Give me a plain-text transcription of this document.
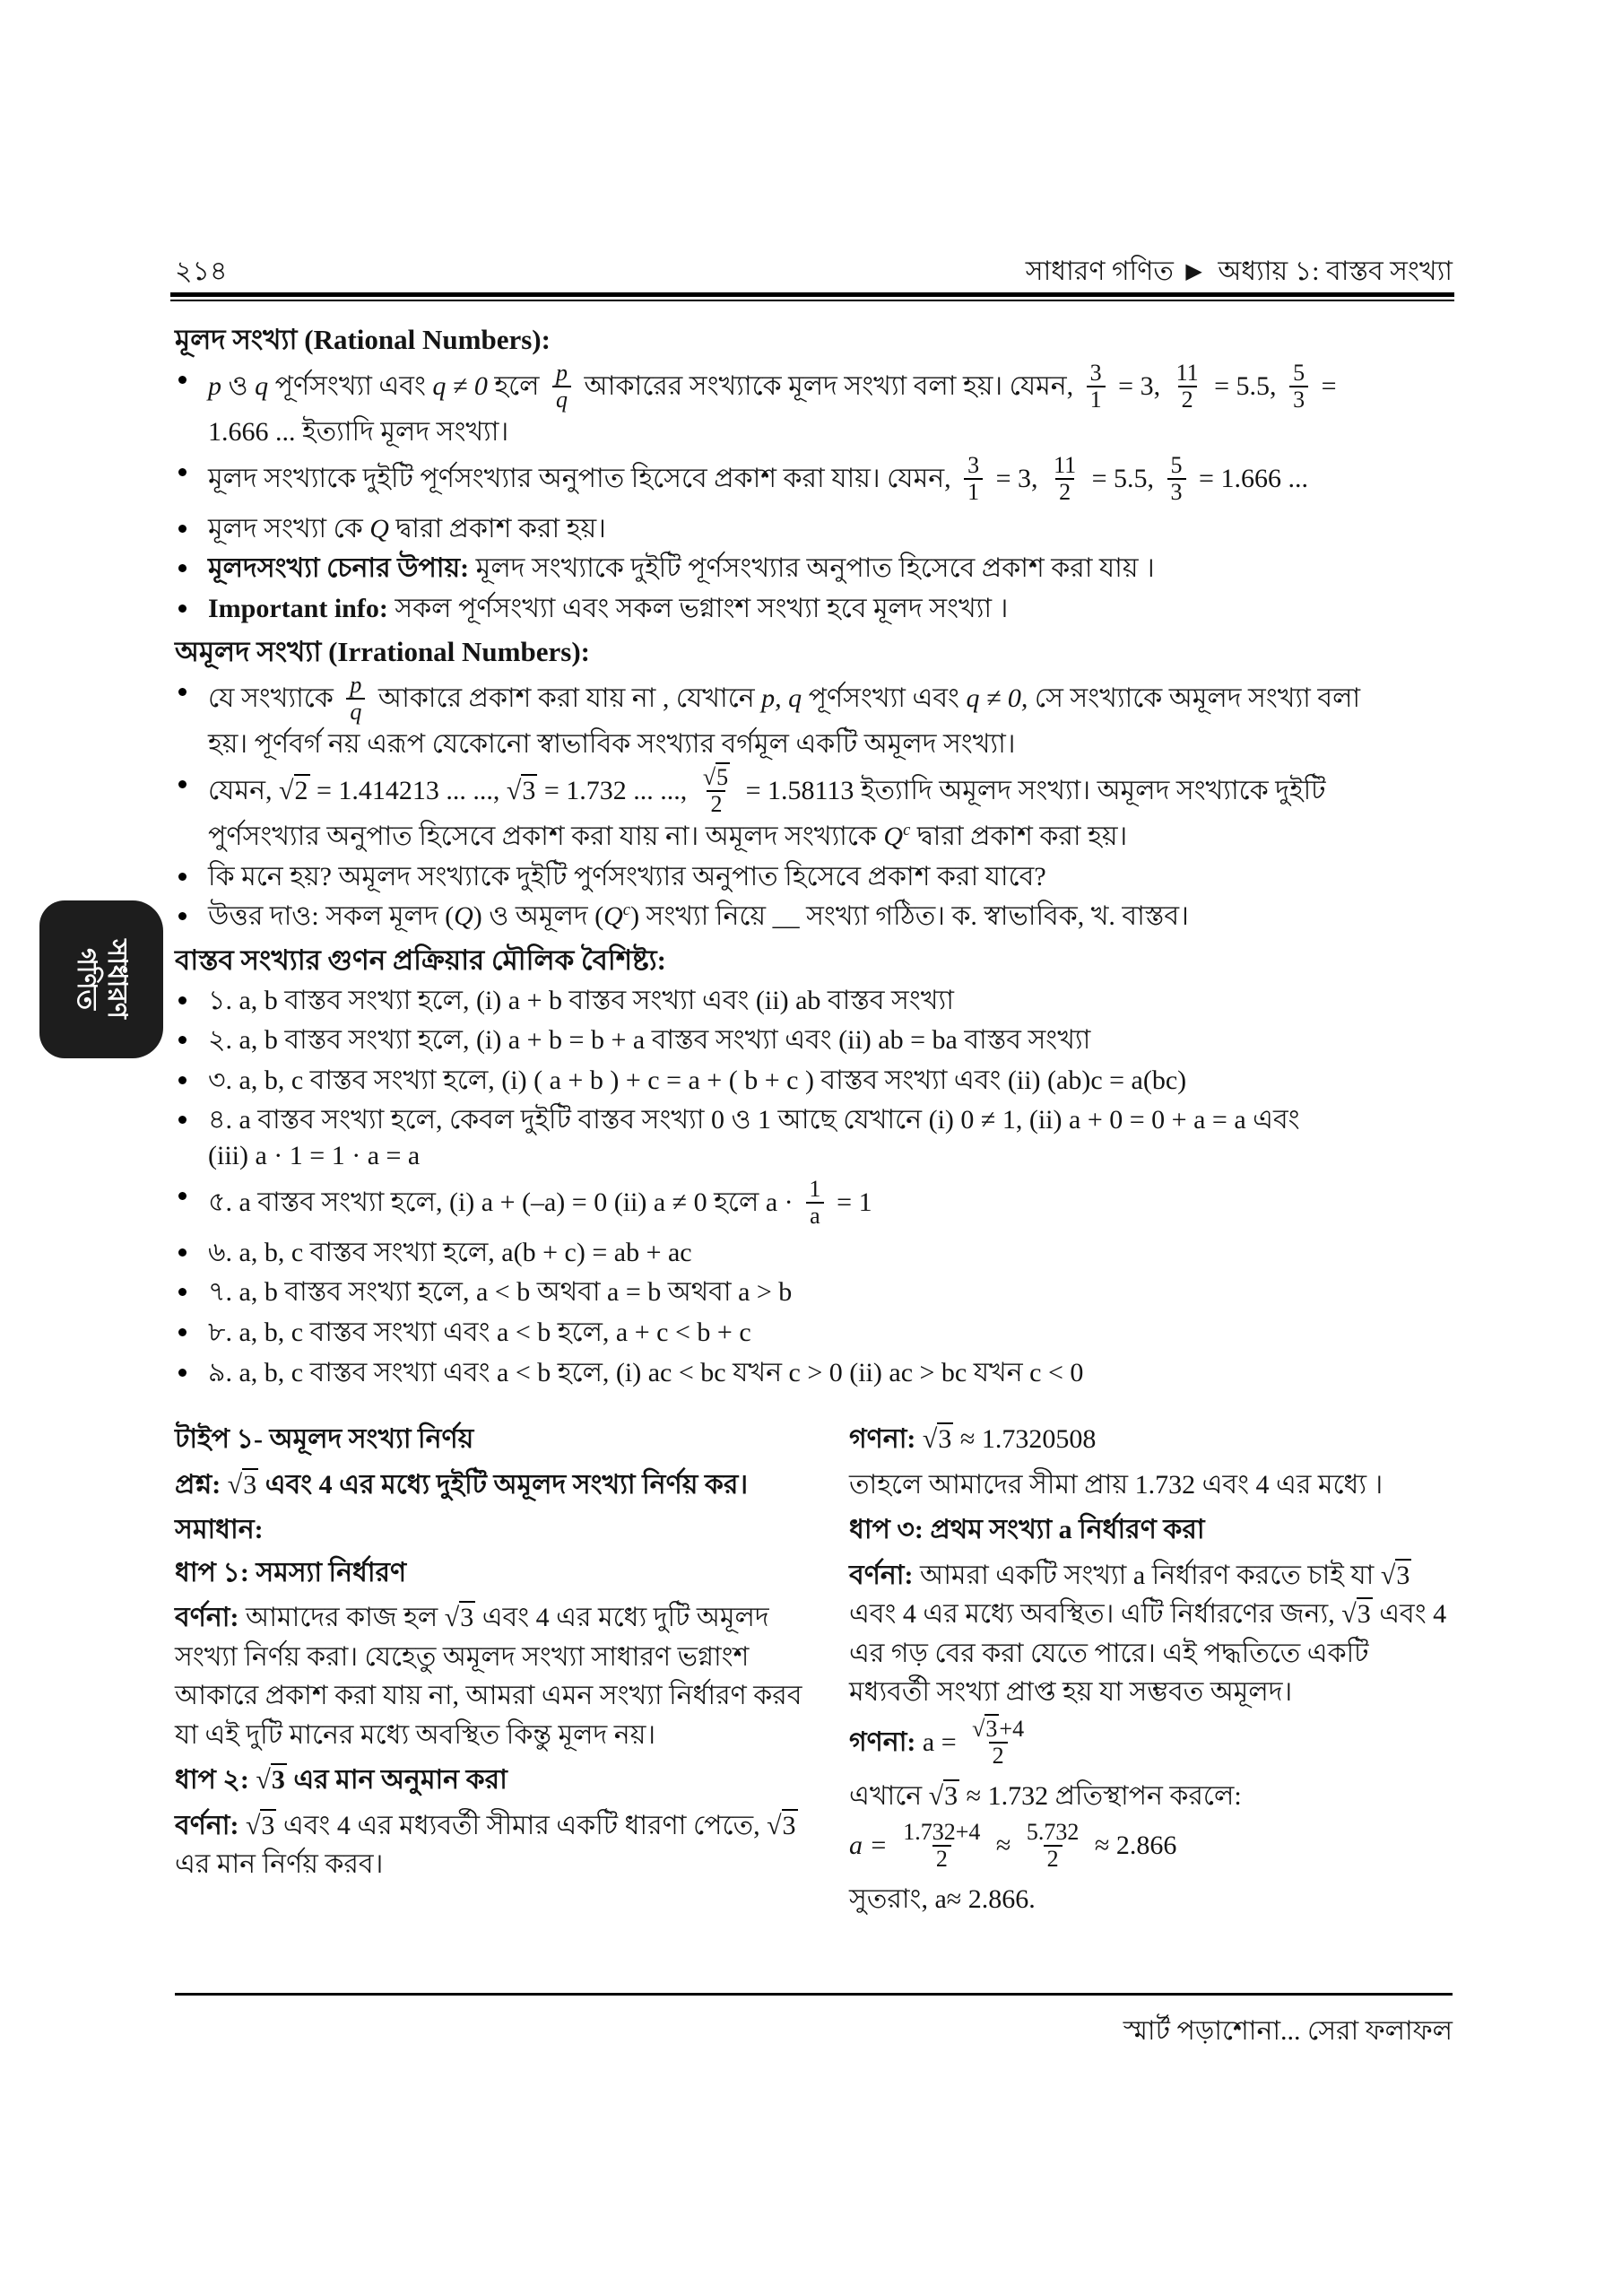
২১৪	সাধারণ গণিত ▶ অধ্যায় ১: বাস্তব সংখ্যা
সাধারণ
গণিত
মূলদ সংখ্যা (Rational Numbers):
p ও q পূর্ণসংখ্যা এবং q ≠ 0 হলে $\frac{p}{q}$ আকারের সংখ্যাকে মূলদ সংখ্যা বলা হয়। যেমন, $\frac{3}{1} = 3$, $\frac{11}{2} = 5.5$, $\frac{5}{3}$ =
1.666 ... ইত্যাদি মূলদ সংখ্যা।
মূলদ সংখ্যাকে দুইটি পূর্ণসংখ্যার অনুপাত হিসেবে প্রকাশ করা যায়। যেমন, $\frac{3}{1} = 3$, $\frac{11}{2} = 5.5$, $\frac{5}{3} = 1.666$ ...
মূলদ সংখ্যা কে Q দ্বারা প্রকাশ করা হয়।
মূলদসংখ্যা চেনার উপায়: মূলদ সংখ্যাকে দুইটি পূর্ণসংখ্যার অনুপাত হিসেবে প্রকাশ করা যায় ।
Important info: সকল পূর্ণসংখ্যা এবং সকল ভগ্নাংশ সংখ্যা হবে মূলদ সংখ্যা ।
অমূলদ সংখ্যা (Irrational Numbers):
যে সংখ্যাকে $\frac{p}{q}$ আকারে প্রকাশ করা যায় না , যেখানে p, q পূর্ণসংখ্যা এবং q ≠ 0, সে সংখ্যাকে অমূলদ সংখ্যা বলা
হয়। পূর্ণবর্গ নয় এরূপ যেকোনো স্বাভাবিক সংখ্যার বর্গমূল একটি অমূলদ সংখ্যা।
যেমন, √2 = 1.414213 ... ..., √3 = 1.732 ... ..., $\frac{√5}{2} = 1.58113$ ইত্যাদি অমূলদ সংখ্যা। অমূলদ সংখ্যাকে দুইটি
পুর্ণসংখ্যার অনুপাত হিসেবে প্রকাশ করা যায় না। অমূলদ সংখ্যাকে $Q^c$ দ্বারা প্রকাশ করা হয়।
কি মনে হয়? অমূলদ সংখ্যাকে দুইটি পুর্ণসংখ্যার অনুপাত হিসেবে প্রকাশ করা যাবে?
উত্তর দাও: সকল মূলদ (Q) ও অমূলদ $(Q^c)$ সংখ্যা নিয়ে __ সংখ্যা গঠিত। ক. স্বাভাবিক, খ. বাস্তব।
বাস্তব সংখ্যার গুণন প্রক্রিয়ার মৌলিক বৈশিষ্ট্য:
১. a, b বাস্তব সংখ্যা হলে, (i) a + b বাস্তব সংখ্যা এবং (ii) ab বাস্তব সংখ্যা
২. a, b বাস্তব সংখ্যা হলে, (i) a + b = b + a বাস্তব সংখ্যা এবং (ii) ab = ba বাস্তব সংখ্যা
৩. a, b, c বাস্তব সংখ্যা হলে, (i) ( a + b ) + c = a + ( b + c ) বাস্তব সংখ্যা এবং (ii) (ab)c = a(bc)
৪. a বাস্তব সংখ্যা হলে, কেবল দুইটি বাস্তব সংখ্যা 0 ও 1 আছে যেখানে (i) 0 ≠ 1, (ii) a + 0 = 0 + a = a এবং
(iii) a · 1 = 1 · a = a
৫. a বাস্তব সংখ্যা হলে, (i) a + (–a) = 0 (ii) a ≠ 0 হলে $a \cdot \frac{1}{a} = 1$
৬. a, b, c বাস্তব সংখ্যা হলে, a(b + c) = ab + ac
৭. a, b বাস্তব সংখ্যা হলে, a < b অথবা a = b অথবা a > b
৮. a, b, c বাস্তব সংখ্যা এবং a < b হলে, a + c < b + c
৯. a, b, c বাস্তব সংখ্যা এবং a < b হলে, (i) ac < bc যখন c > 0 (ii) ac > bc যখন c < 0

টাইপ ১- অমূলদ সংখ্যা নির্ণয়

প্রশ্ন: √3 এবং 4 এর মধ্যে দুইটি অমূলদ সংখ্যা নির্ণয় কর।

সমাধান:

ধাপ ১: সমস্যা নির্ধারণ

বর্ণনা: আমাদের কাজ হল √3 এবং 4 এর মধ্যে দুটি অমূলদ সংখ্যা নির্ণয় করা। যেহেতু অমূলদ সংখ্যা সাধারণ ভগ্নাংশ আকারে প্রকাশ করা যায় না, আমরা এমন সংখ্যা নির্ধারণ করব যা এই দুটি মানের মধ্যে অবস্থিত কিন্তু মূলদ নয়।

ধাপ ২: √3 এর মান অনুমান করা

বর্ণনা: √3 এবং 4 এর মধ্যবর্তী সীমার একটি ধারণা পেতে, √3 এর মান নির্ণয় করব।

গণনা: √3 ≈ 1.7320508

তাহলে আমাদের সীমা প্রায় 1.732 এবং 4 এর মধ্যে ।

ধাপ ৩: প্রথম সংখ্যা a নির্ধারণ করা

বর্ণনা: আমরা একটি সংখ্যা a নির্ধারণ করতে চাই যা √3 এবং 4 এর মধ্যে অবস্থিত। এটি নির্ধারণের জন্য, √3 এবং 4 এর গড় বের করা যেতে পারে। এই পদ্ধতিতে একটি মধ্যবর্তী সংখ্যা প্রাপ্ত হয় যা সম্ভবত অমূলদ।

গণনা: $a = \frac{√3+4}{2}$

এখানে √3 ≈ 1.732 প্রতিস্থাপন করলে:

$a = \frac{1.732+4}{2} \approx \frac{5.732}{2} \approx 2.866$

সুতরাং, a≈ 2.866.

স্মার্ট পড়াশোনা... সেরা ফলাফল
